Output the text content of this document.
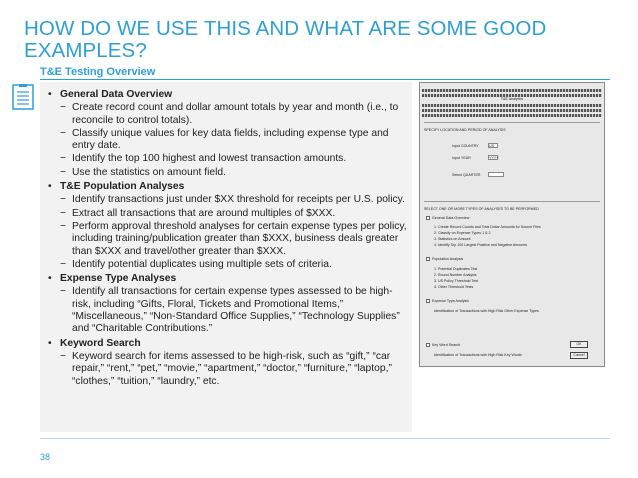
HOW DO WE USE THIS AND WHAT ARE SOME GOOD EXAMPLES?
T&E Testing Overview
• General Data Overview
− Create record count and dollar amount totals by year and month (i.e., to reconcile to control totals).
− Classify unique values for key data fields, including expense type and entry date.
− Identify the top 100 highest and lowest transaction amounts.
− Use the statistics on amount field.
• T&E Population Analyses
− Identify transactions just under $XX threshold for receipts per U.S. policy.
− Extract all transactions that are around multiples of $XXX.
− Perform approval threshold analyses for certain expense types per policy, including training/publication greater than $XXX, business deals greater than $XXX and travel/other greater than $XXX.
− Identify potential duplicates using multiple sets of criteria.
• Expense Type Analyses
− Identify all transactions for certain expense types assessed to be high-risk, including “Gifts, Floral, Tickets and Promotional Items,” “Miscellaneous,” “Non-Standard Office Supplies,” “Technology Supplies” and “Charitable Contributions.”
• Keyword Search
− Keyword search for items assessed to be high-risk, such as “gift,” “car repair,” “rent,” “pet,” “movie,” “apartment,” “doctor,” “furniture,” “laptop,” “clothes,” “tuition,” “laundry,” etc.
T&E Analytics
SPECIFY LOCATION AND PERIOD OF ANALYSIS
Input COUNTRY	US
Input YEAR	YYYY
Select QUARTER
SELECT ONE OR MORE TYPES OF ANALYSES TO BE PERFORMED
General Data Overview
1. Create Record Counts and Total Dollar Amounts for Source Files
2. Classify on Expense Types 1 & 2
3. Statistics on Amount
4. Identify Top 100 Largest Positive and Negative Amounts
Population Analysis
1. Potential Duplicates Test
2. Round Number Analysis
3. US Policy Threshold Test
4. Other Threshold Tests
Expense Type Analysis
Identification of Transactions with High Risk Other Expense Types
Key Word Search
Identification of Transactions with High Risk Key Words
OK
Cancel
38
